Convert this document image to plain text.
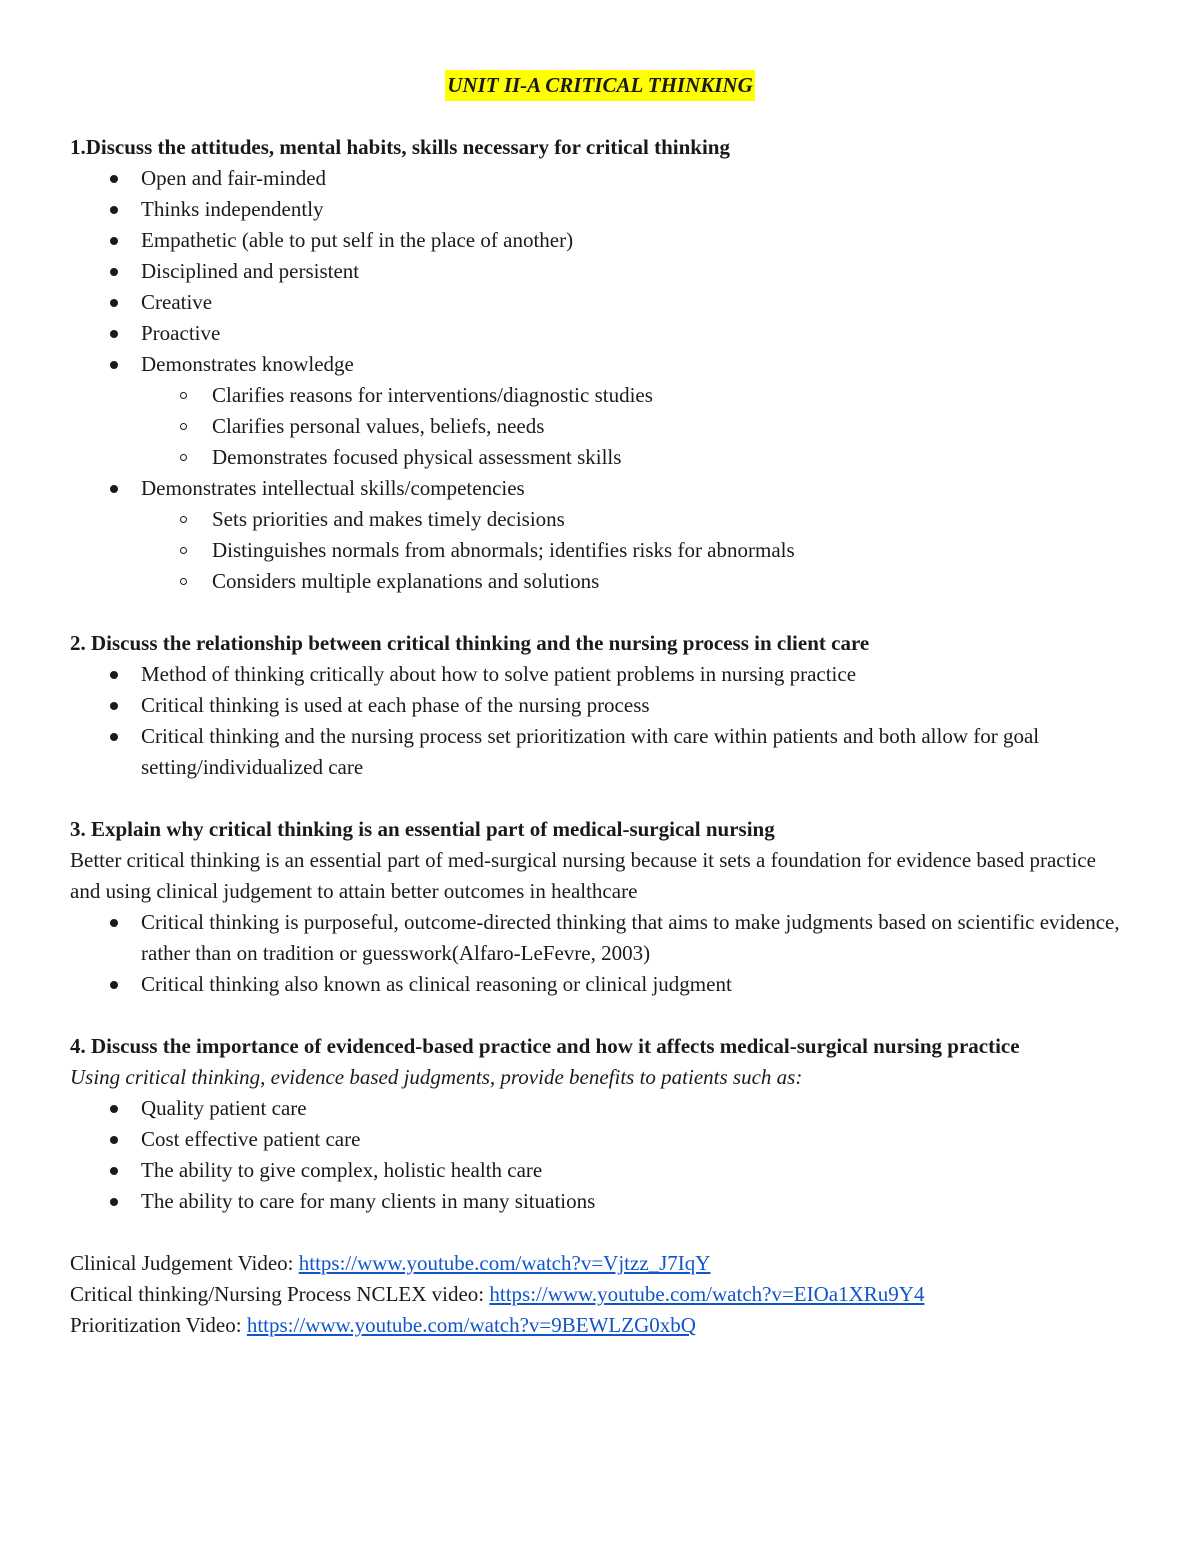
UNIT II-A CRITICAL THINKING
1.Discuss the attitudes, mental habits, skills necessary for critical thinking
Open and fair-minded
Thinks independently
Empathetic (able to put self in the place of another)
Disciplined and persistent
Creative
Proactive
Demonstrates knowledge
Clarifies reasons for interventions/diagnostic studies
Clarifies personal values, beliefs, needs
Demonstrates focused physical assessment skills
Demonstrates intellectual skills/competencies
Sets priorities and makes timely decisions
Distinguishes normals from abnormals; identifies risks for abnormals
Considers multiple explanations and solutions
2. Discuss the relationship between critical thinking and the nursing process in client care
Method of thinking critically about how to solve patient problems in nursing practice
Critical thinking is used at each phase of the nursing process
Critical thinking and the nursing process set prioritization with care within patients and both allow for goal setting/individualized care
3. Explain why critical thinking is an essential part of medical-surgical nursing
Better critical thinking is an essential part of med-surgical nursing because it sets a foundation for evidence based practice and using clinical judgement to attain better outcomes in healthcare
Critical thinking is purposeful, outcome-directed thinking that aims to make judgments based on scientific evidence, rather than on tradition or guesswork(Alfaro-LeFevre, 2003)
Critical thinking also known as clinical reasoning or clinical judgment
4. Discuss the importance of evidenced-based practice and how it affects medical-surgical nursing practice
Using critical thinking, evidence based judgments, provide benefits to patients such as:
Quality patient care
Cost effective patient care
The ability to give complex, holistic health care
The ability to care for many clients in many situations
Clinical Judgement Video: https://www.youtube.com/watch?v=Vjtzz_J7IqY
Critical thinking/Nursing Process NCLEX video: https://www.youtube.com/watch?v=EIOa1XRu9Y4
Prioritization Video: https://www.youtube.com/watch?v=9BEWLZG0xbQ
